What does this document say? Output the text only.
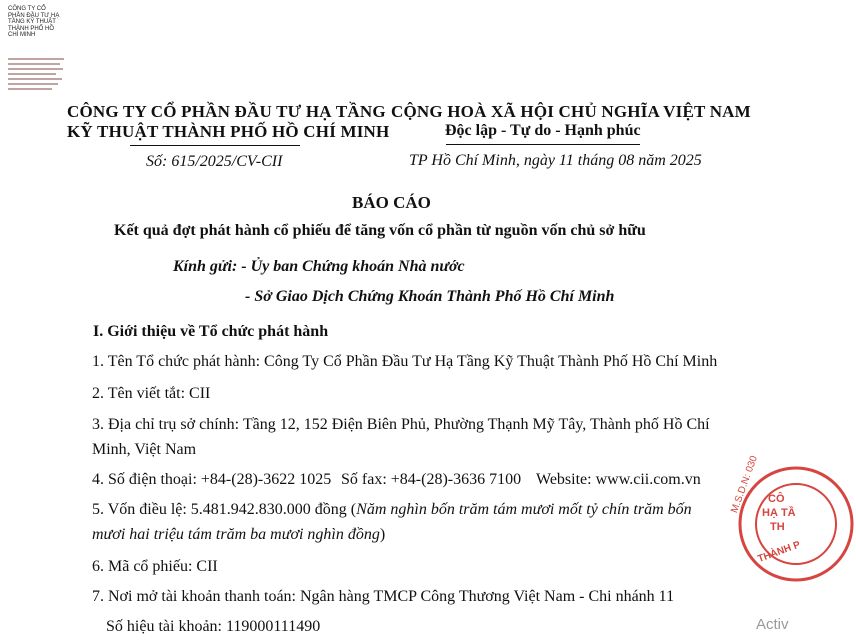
CÔNG TY CỔ
PHẦN ĐẦU TƯ HẠ
TẦNG KỸ THUẬT
THÀNH PHỐ HỒ
CHÍ MINH
CÔNG TY CỔ PHẦN ĐẦU TƯ HẠ TẦNG
KỸ THUẬT THÀNH PHỐ HỒ CHÍ MINH
Số: 615/2025/CV-CII
CỘNG HOÀ XÃ HỘI CHỦ NGHĨA VIỆT NAM
Độc lập - Tự do - Hạnh phúc
TP Hồ Chí Minh, ngày 11 tháng 08 năm 2025
BÁO CÁO
Kết quả đợt phát hành cổ phiếu để tăng vốn cổ phần từ nguồn vốn chủ sở hữu
Kính gửi: - Ủy ban Chứng khoán Nhà nước
- Sở Giao Dịch Chứng Khoán Thành Phố Hồ Chí Minh
I. Giới thiệu về Tổ chức phát hành
1. Tên Tổ chức phát hành: Công Ty Cổ Phần Đầu Tư Hạ Tầng Kỹ Thuật Thành Phố Hồ Chí Minh
2. Tên viết tắt: CII
3. Địa chỉ trụ sở chính: Tầng 12, 152 Điện Biên Phủ, Phường Thạnh Mỹ Tây, Thành phố Hồ Chí
Minh, Việt Nam
4. Số điện thoại: +84-(28)-3622 1025 Số fax: +84-(28)-3636 7100 Website: www.cii.com.vn
5. Vốn điều lệ: 5.481.942.830.000 đồng (Năm nghìn bốn trăm tám mươi mốt tỷ chín trăm bốn
mươi hai triệu tám trăm ba mươi nghìn đồng)
6. Mã cổ phiếu: CII
7. Nơi mở tài khoản thanh toán: Ngân hàng TMCP Công Thương Việt Nam - Chi nhánh 11
Số hiệu tài khoản: 119000111490
M.S.D.N: 030 CÔ
HẠ TẦ
TH
THÀNH P
Activ
